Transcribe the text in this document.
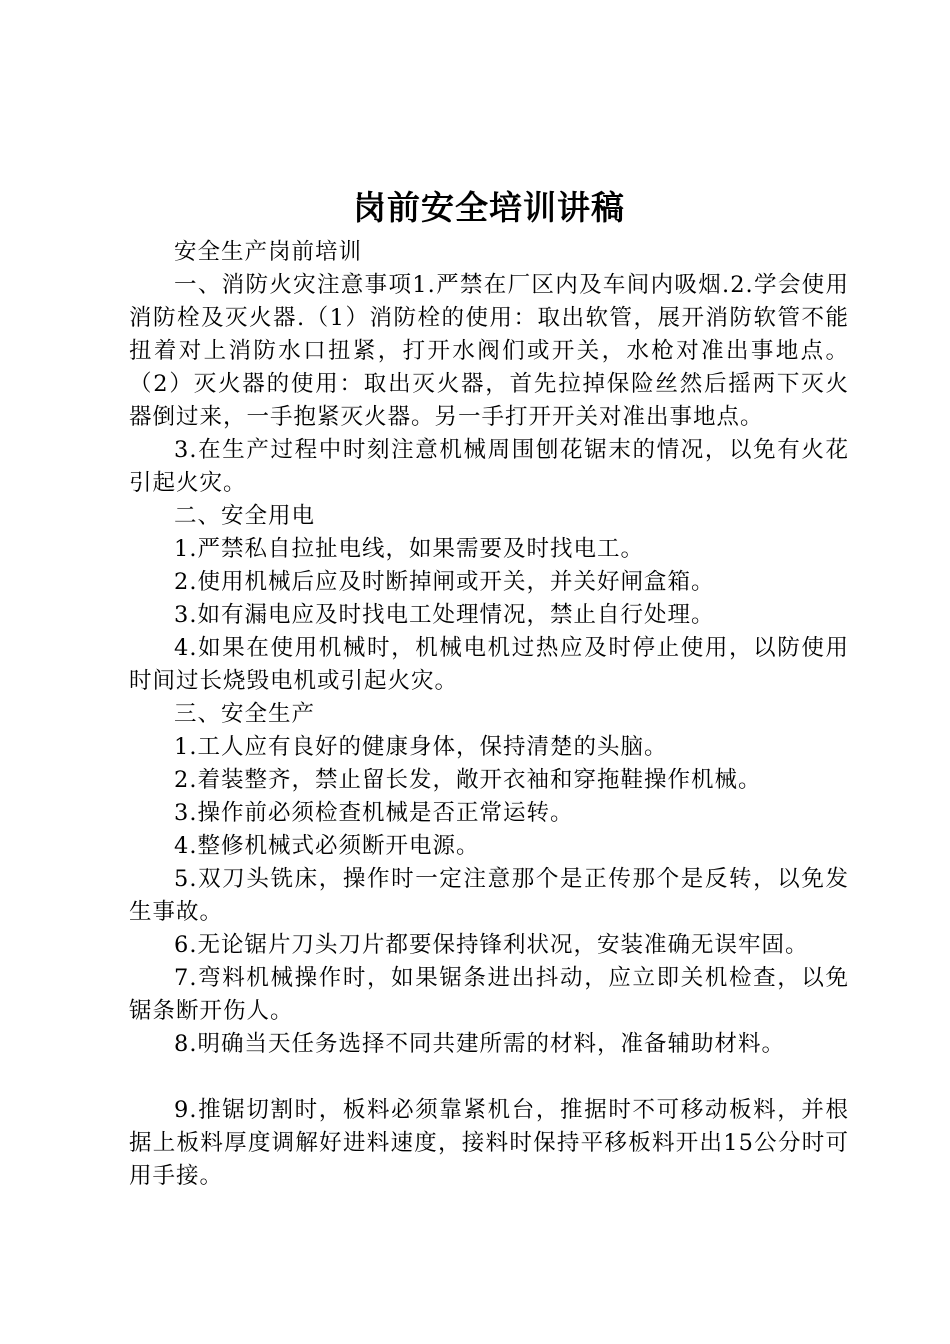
岗前安全培训讲稿

安全生产岗前培训

一、消防火灾注意事项1.严禁在厂区内及车间内吸烟.2.学会使用消防栓及灭火器.（1）消防栓的使用：取出软管，展开消防软管不能扭着对上消防水口扭紧，打开水阀们或开关，水枪对准出事地点。（2）灭火器的使用：取出灭火器，首先拉掉保险丝然后摇两下灭火器倒过来，一手抱紧灭火器。另一手打开开关对准出事地点。

3.在生产过程中时刻注意机械周围刨花锯末的情况，以免有火花引起火灾。

二、安全用电

1.严禁私自拉扯电线，如果需要及时找电工。

2.使用机械后应及时断掉闸或开关，并关好闸盒箱。

3.如有漏电应及时找电工处理情况，禁止自行处理。

4.如果在使用机械时，机械电机过热应及时停止使用，以防使用时间过长烧毁电机或引起火灾。

三、安全生产

1.工人应有良好的健康身体，保持清楚的头脑。

2.着装整齐，禁止留长发，敞开衣袖和穿拖鞋操作机械。

3.操作前必须检查机械是否正常运转。

4.整修机械式必须断开电源。

5.双刀头铣床，操作时一定注意那个是正传那个是反转，以免发生事故。

6.无论锯片刀头刀片都要保持锋利状况，安装准确无误牢固。

7.弯料机械操作时，如果锯条进出抖动，应立即关机检查，以免锯条断开伤人。

8.明确当天任务选择不同共建所需的材料，准备辅助材料。

9.推锯切割时，板料必须靠紧机台，推据时不可移动板料，并根据上板料厚度调解好进料速度，接料时保持平移板料开出15公分时可用手接。
